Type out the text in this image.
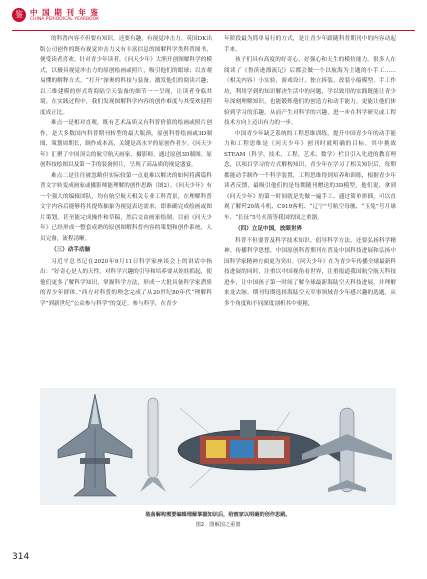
鉴 中 国 期 刊 年 鉴
CHINA PERIODICAL YEARBOOK

的科普内容不但要有知识，还要有趣，有视觉冲击力。英国DK出版公司创作的既有视觉冲击力又有丰富信息的图解科学类科普图书，便受读者喜欢。针对青少年读者，《问天少年》大胆开创图解科学的模式，以极具视觉冲击力的原创绘画或照片，吸引他们的眼球；以直观易懂的解释方式，“打开”深奥的科技与装备，激发他们的阅读兴趣；以三维建模的形式将海陆空天装备的细节一一呈现，让读者身临其境。在实践过程中，我们发现图解科学内容的创作难度与其受欢迎程度成正比。

难点一是相对直观，既有艺术品质又有科普价值的绘画或照片创作，是大多数国内科普期刊转型的最大瓶颈。原创科普绘画或3D制图、策划周期长，制作成本高，关键是高水平的原创作者少。《问天少年》汇聚了中国顶尖的航空航天画家、摄影师，通过原创3D制图、原创科技绘图以及第一手的装备照片，呈现了高品质的视觉盛宴。

难点二是往往被忽略但实际较第一点更难以解决的如何将满篇科普文字转变成画家或摄影师能理解的创作思路（图2）。《问天少年》有一个强大的编辑团队，均有航空航天相关专业工科背景，在理解科普文字内容后能够将其提炼抽象为视觉表达需求，即准确完成绘画或图片策划，甚至能完成操作和草稿，然后交由画家绘制。目前《问天少年》已经形成一整套成熟的原创图解科普内容的策划和创作系统，人员完备，流程清晰。

（三）动手动脑

习近平总书记在2020年9月11日科学家座谈会上的讲话中指出：“好奇心是人的天性，对科学兴趣的引导和培养要从娃娃抓起，使他们更多了解科学知识，掌握科学方法，形成一大批具备科学家潜质的青少年群体。”西方对科普的理念完成了从20世纪80年代“理解科学”到新世纪“公众参与科学”的变迁。参与科学，在青少

年阶段最为简单易行的方式，是让青少年跟随科普期刊中的内容动起手来。

孩子们具有高度的好奇心、好强心和天生的模仿能力。很多人在阅读了《鲁滨逊漂流记》后都会做一个以航海为主题的小手工……（相关内容）小实验，游戏设计，独立拆装、改装小船模型、手工作坊，利用学到的知识解决生活中的问题，学以致用的实践既能让青少年深刻理解知识，也能锻炼他们的创造力和动手能力，更能让他们体验到学习的乐趣，从而产生对科学的兴趣，进一步在科学研究或工程技术方向上迈出有力的一步。

中国青少年缺乏系统的工程思维训练，提升中国青少年的动手能力和工程思维是《问天少年》创刊时就明确的目标。其中挑战STEAM（科学、技术、工程、艺术、数学）栏目引入先进的教育理念，以项目学习的方式解构知识，青少年在学习了相关知识后，每期都能动手制作一个科学装置，工程思维得到培养和训练，根据青少年读者反馈，最吸引他们的是每期随刊赠送的3D模型，他们说，拿到《问天少年》的第一时间就是先做一遍手工。通过简单拼插，可以直观了解歼20战斗机、C919客机、“辽宁”号航空母舰、“玉兔”号月球车、“长征”5号火箭等我国的国之重器。

（四）立足中国，放眼世界

科普不但要普及科学技术知识、倡导科学方法，还要弘扬科学精神、传播科学思想。中国原创科普期刊在普及中国科技进展和弘扬中国科学家精神方面更为突出。《问天少年》在为青少年传播全球最新科技进展的同时，注重以中国视角看世界，注重报道我国航空航天科技进步，让中国孩子第一时间了解全球最新海陆空天科技进展，并理解来龙去脉。期刊每期选择海陆空天军事领域青少年感兴趣的选题，从多个角度和不同深度剖析其中奥秘，

装备解构需要编辑理解掌握知识后，给画家以明确的创作思路。
图2　图解国之重器
314
